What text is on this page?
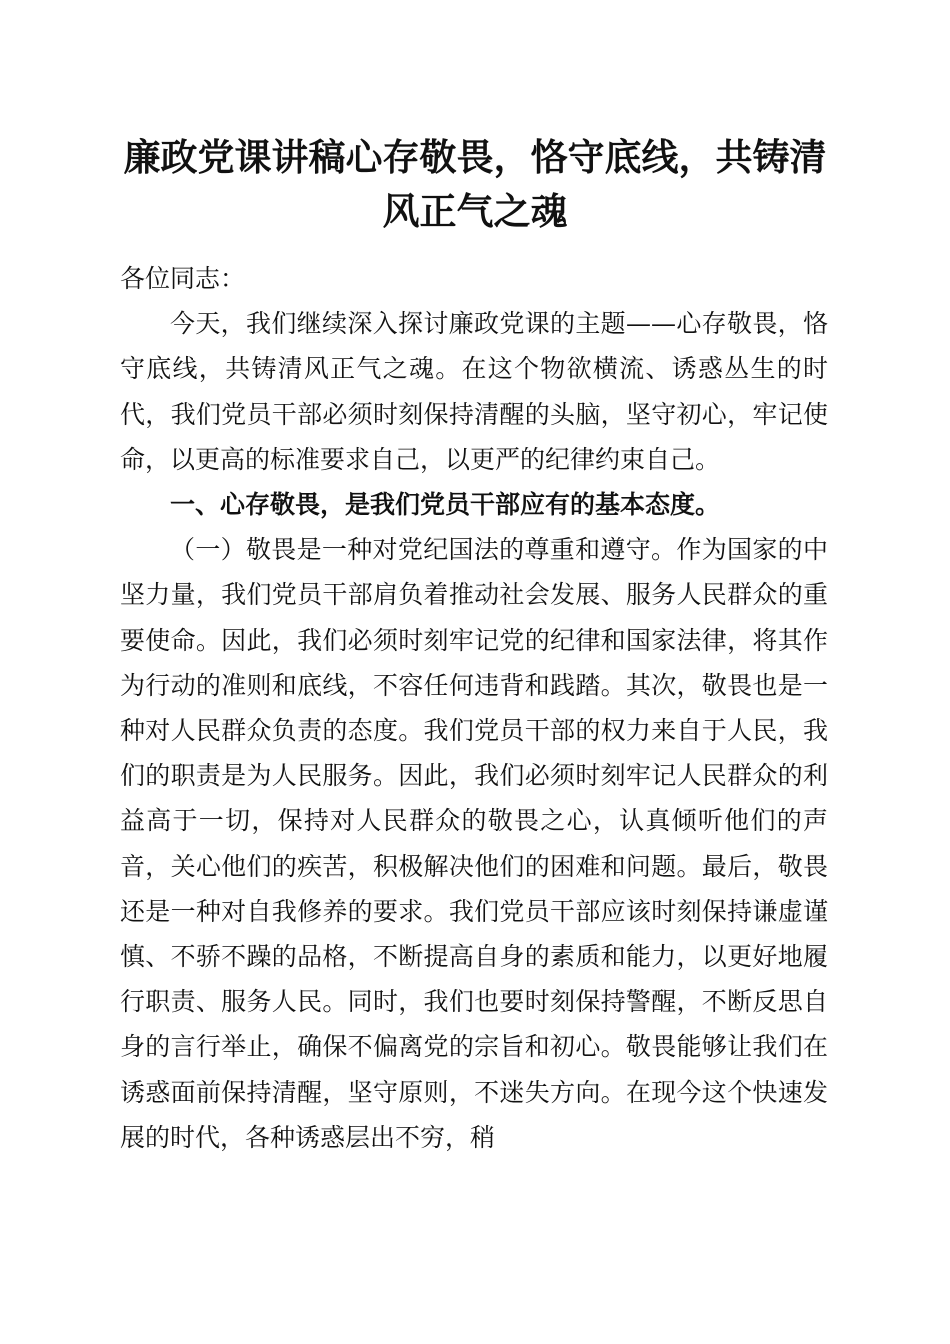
廉政党课讲稿心存敬畏，恪守底线，共铸清风正气之魂

各位同志：

今天，我们继续深入探讨廉政党课的主题——心存敬畏，恪守底线，共铸清风正气之魂。在这个物欲横流、诱惑丛生的时代，我们党员干部必须时刻保持清醒的头脑，坚守初心，牢记使命，以更高的标准要求自己，以更严的纪律约束自己。

一、心存敬畏，是我们党员干部应有的基本态度。

（一）敬畏是一种对党纪国法的尊重和遵守。作为国家的中坚力量，我们党员干部肩负着推动社会发展、服务人民群众的重要使命。因此，我们必须时刻牢记党的纪律和国家法律，将其作为行动的准则和底线，不容任何违背和践踏。其次，敬畏也是一种对人民群众负责的态度。我们党员干部的权力来自于人民，我们的职责是为人民服务。因此，我们必须时刻牢记人民群众的利益高于一切，保持对人民群众的敬畏之心，认真倾听他们的声音，关心他们的疾苦，积极解决他们的困难和问题。最后，敬畏还是一种对自我修养的要求。我们党员干部应该时刻保持谦虚谨慎、不骄不躁的品格，不断提高自身的素质和能力，以更好地履行职责、服务人民。同时，我们也要时刻保持警醒，不断反思自身的言行举止，确保不偏离党的宗旨和初心。敬畏能够让我们在诱惑面前保持清醒，坚守原则，不迷失方向。在现今这个快速发展的时代，各种诱惑层出不穷，稍
